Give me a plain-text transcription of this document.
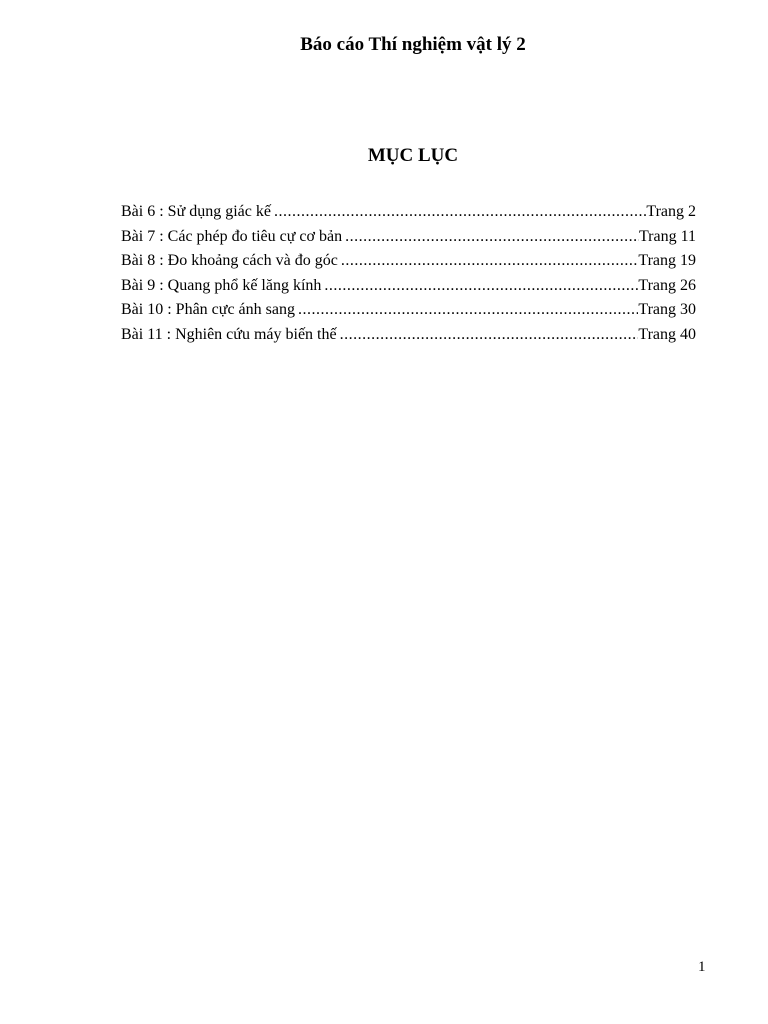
Báo cáo Thí nghiệm vật lý 2
MỤC LỤC
Bài 6 : Sử dụng giác kế .....	Trang 2
Bài 7 : Các phép đo tiêu cự cơ bản .....	Trang 11
Bài 8 : Đo khoảng cách và đo góc .....	Trang 19
Bài 9 : Quang phổ kế lăng kính .....	Trang 26
Bài 10 : Phân cực ánh sang .....	Trang 30
Bài 11 : Nghiên cứu máy biến thế .....	Trang 40
1
